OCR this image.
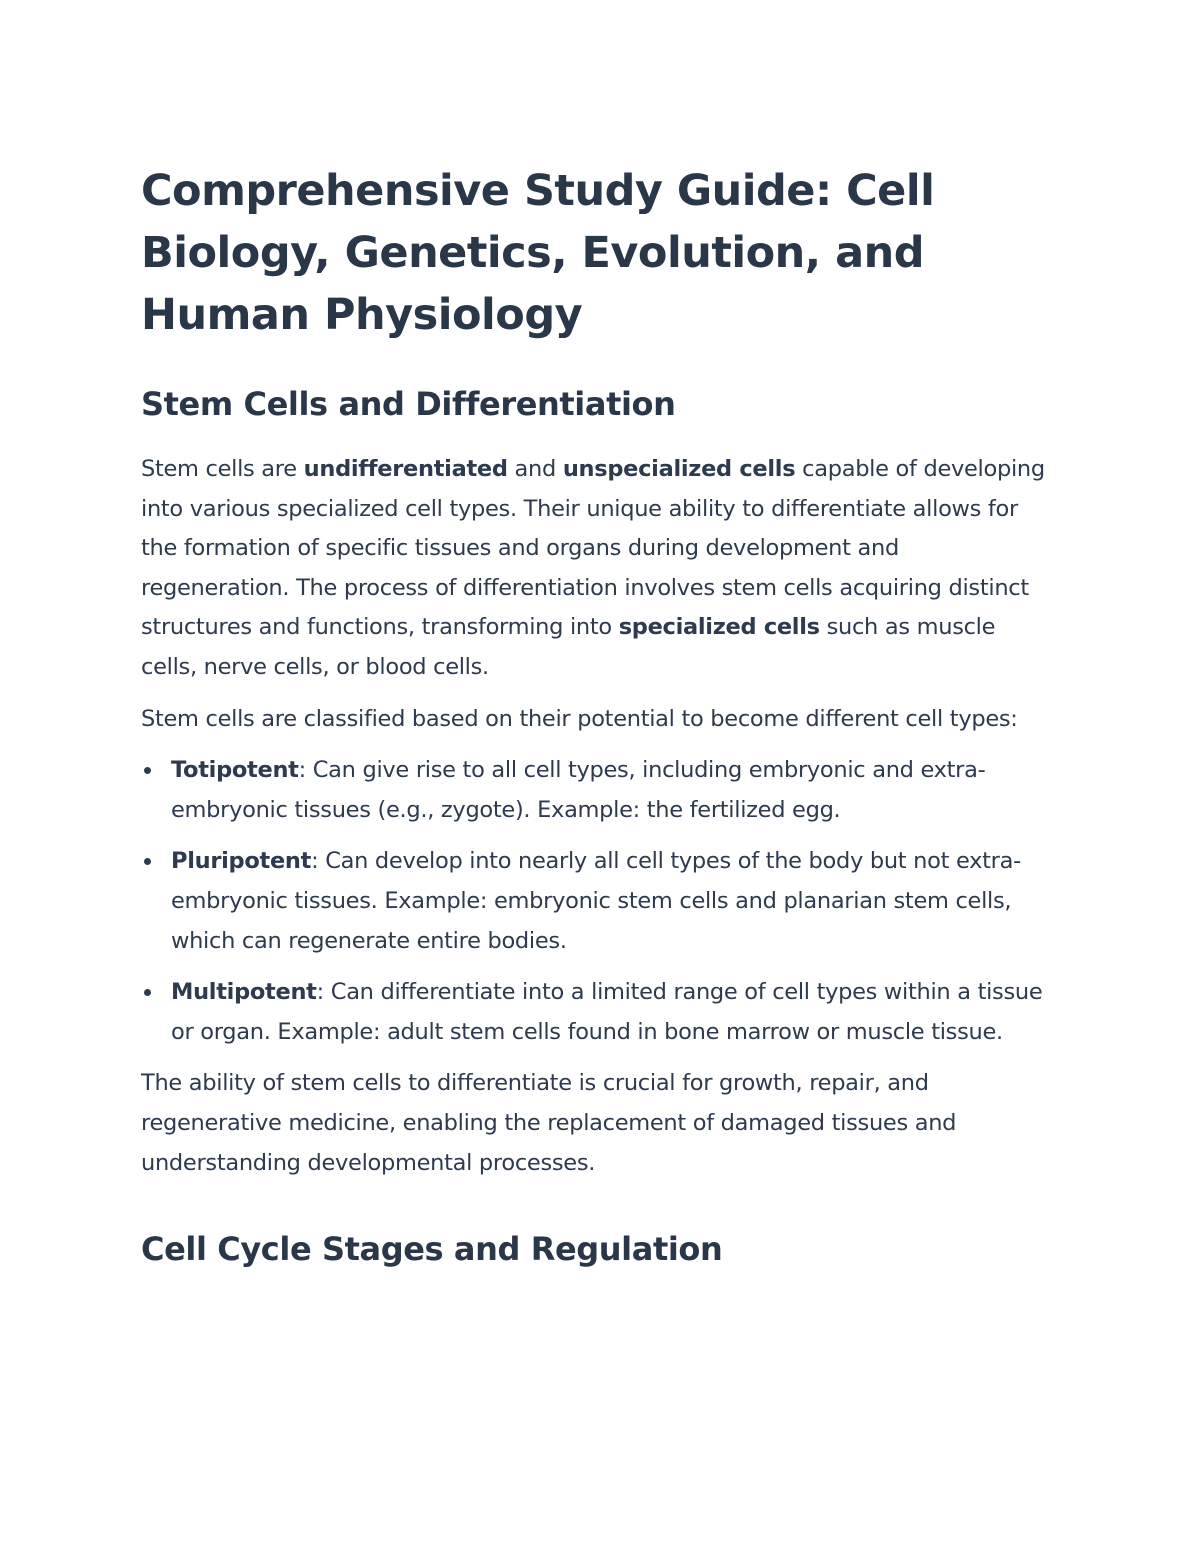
Comprehensive Study Guide: Cell Biology, Genetics, Evolution, and Human Physiology
Stem Cells and Differentiation

Stem cells are undifferentiated and unspecialized cells capable of developing into various specialized cell types. Their unique ability to differentiate allows for the formation of specific tissues and organs during development and regeneration. The process of differentiation involves stem cells acquiring distinct structures and functions, transforming into specialized cells such as muscle cells, nerve cells, or blood cells.

Stem cells are classified based on their potential to become different cell types:

Totipotent: Can give rise to all cell types, including embryonic and extra-embryonic tissues (e.g., zygote). Example: the fertilized egg.
Pluripotent: Can develop into nearly all cell types of the body but not extra-embryonic tissues. Example: embryonic stem cells and planarian stem cells, which can regenerate entire bodies.
Multipotent: Can differentiate into a limited range of cell types within a tissue or organ. Example: adult stem cells found in bone marrow or muscle tissue.

The ability of stem cells to differentiate is crucial for growth, repair, and regenerative medicine, enabling the replacement of damaged tissues and understanding developmental processes.

Cell Cycle Stages and Regulation
